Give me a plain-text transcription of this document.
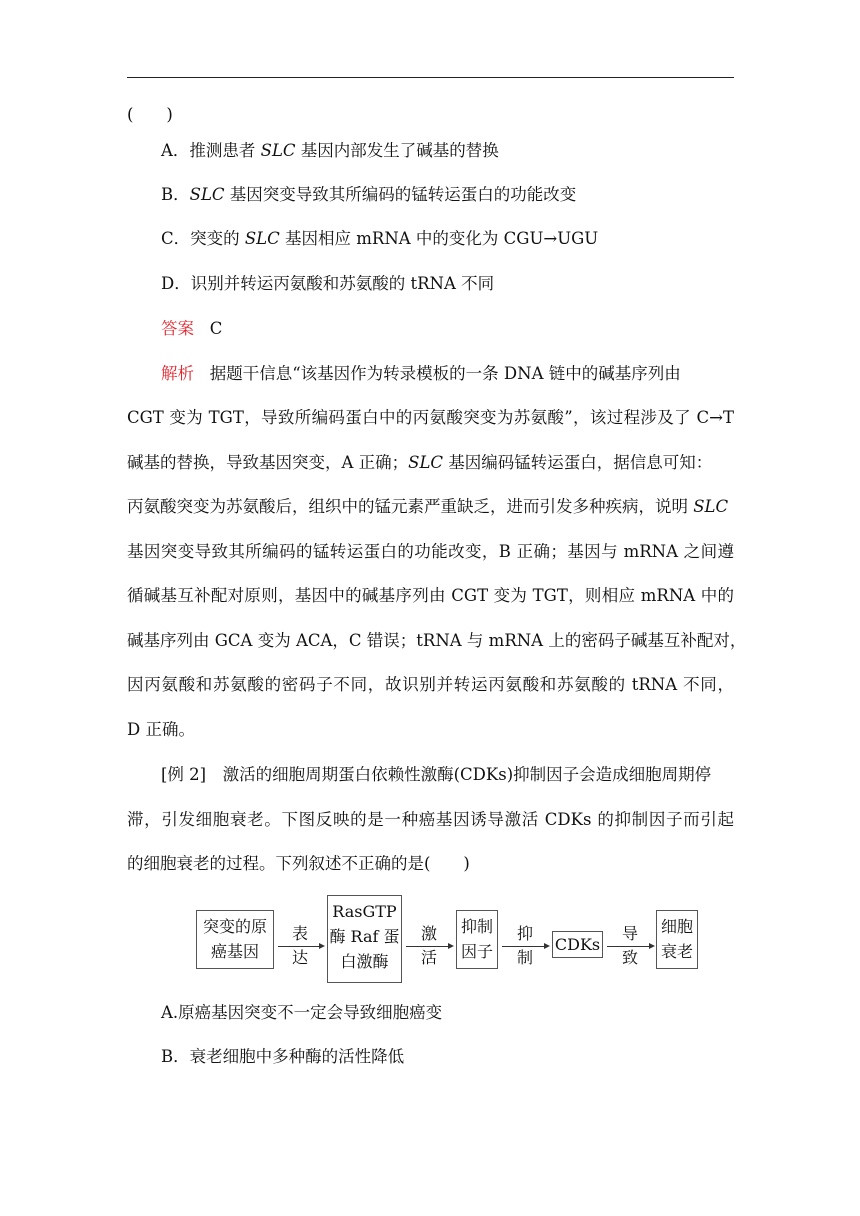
(　　)
A．推测患者 SLC 基因内部发生了碱基的替换
B．SLC 基因突变导致其所编码的锰转运蛋白的功能改变
C．突变的 SLC 基因相应 mRNA 中的变化为 CGU→UGU
D．识别并转运丙氨酸和苏氨酸的 tRNA 不同
答案 C
解析 据题干信息“该基因作为转录模板的一条 DNA 链中的碱基序列由
CGT 变为 TGT，导致所编码蛋白中的丙氨酸突变为苏氨酸”，该过程涉及了 C→T
碱基的替换，导致基因突变，A 正确；SLC 基因编码锰转运蛋白，据信息可知：
丙氨酸突变为苏氨酸后，组织中的锰元素严重缺乏，进而引发多种疾病，说明 SLC
基因突变导致其所编码的锰转运蛋白的功能改变，B 正确；基因与 mRNA 之间遵
循碱基互补配对原则，基因中的碱基序列由 CGT 变为 TGT，则相应 mRNA 中的
碱基序列由 GCA 变为 ACA，C 错误；tRNA 与 mRNA 上的密码子碱基互补配对，
因丙氨酸和苏氨酸的密码子不同，故识别并转运丙氨酸和苏氨酸的 tRNA 不同，
D 正确。
[例 2]　激活的细胞周期蛋白依赖性激酶(CDKs)抑制因子会造成细胞周期停
滞，引发细胞衰老。下图反映的是一种癌基因诱导激活 CDKs 的抑制因子而引起
的细胞衰老的过程。下列叙述不正确的是(　　)
突变的原
癌基因
表
达
RasGTP
酶 Raf 蛋
白激酶
激
活
抑制
因子
抑
制
CDKs
导
致
细胞
衰老
A.原癌基因突变不一定会导致细胞癌变
B．衰老细胞中多种酶的活性降低
